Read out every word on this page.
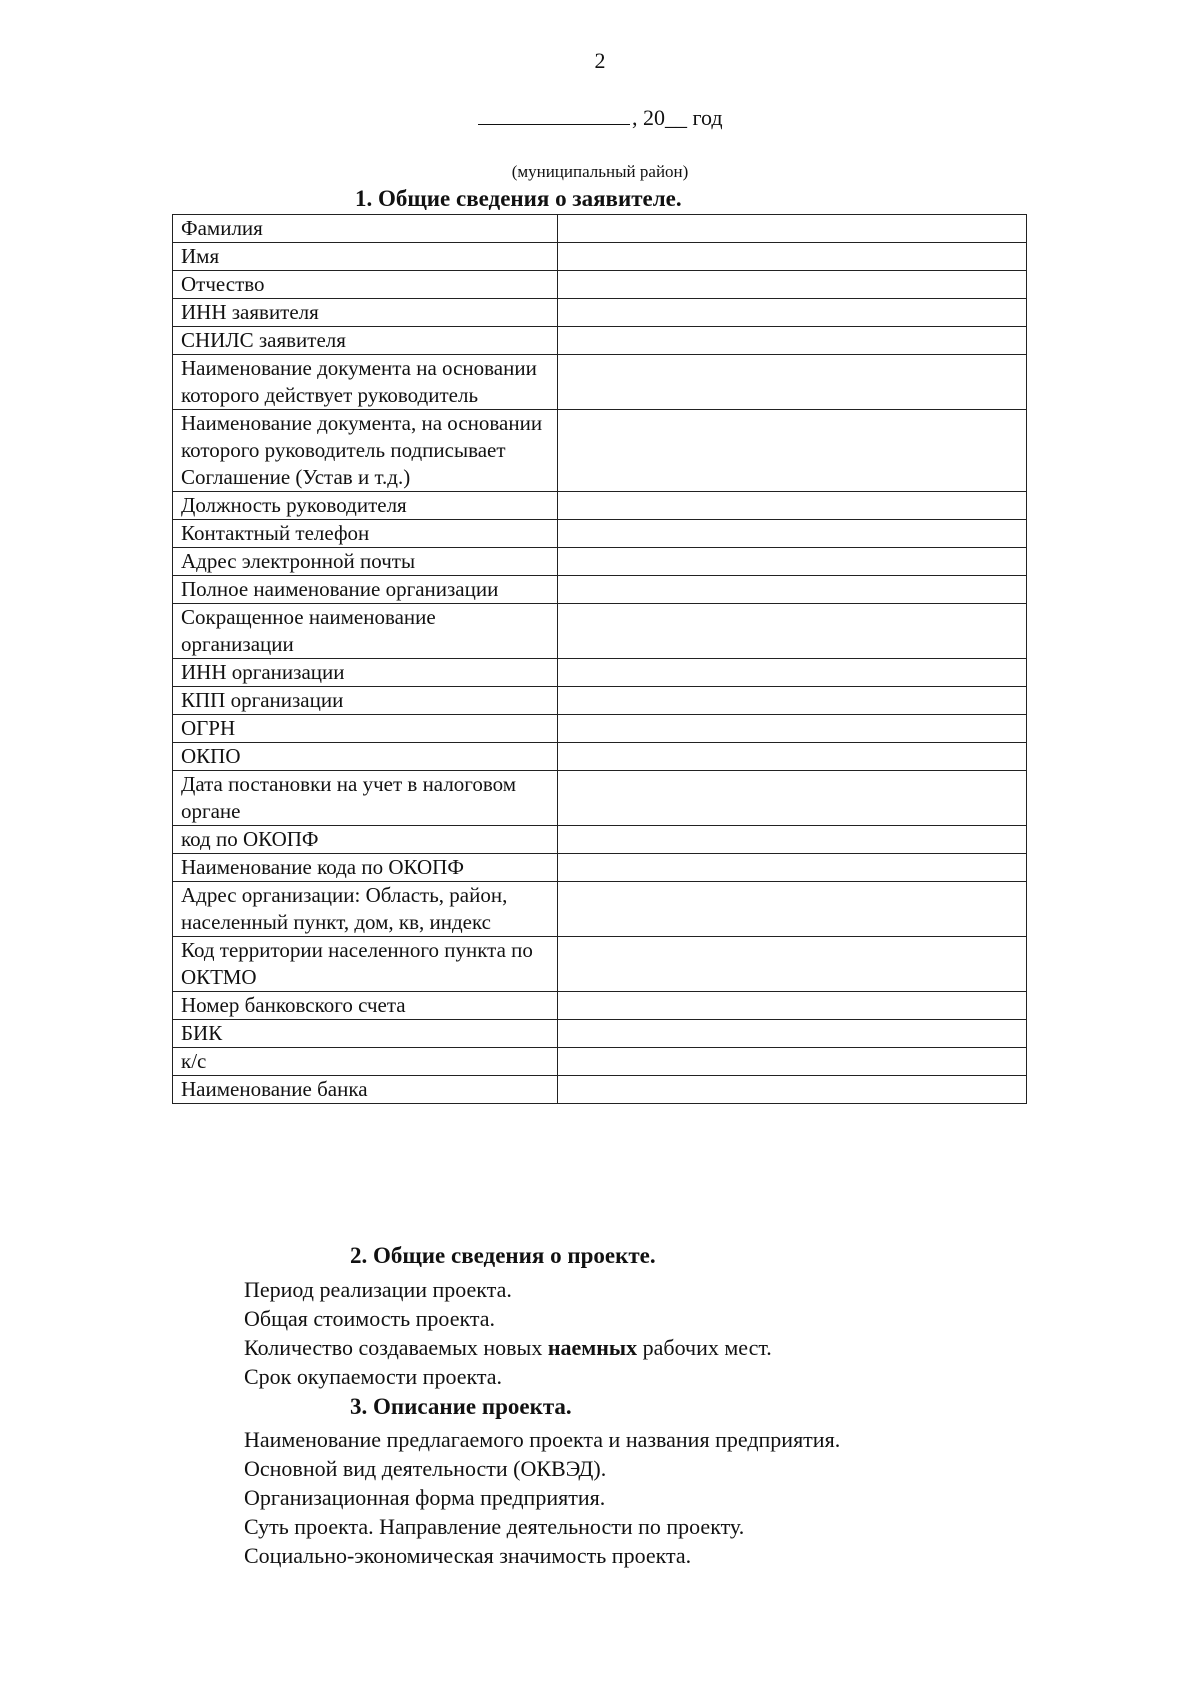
2
, 20__ год
(муниципальный район)
1. Общие сведения о заявителе.
Фамилия	
Имя	
Отчество	
ИНН заявителя	
СНИЛС заявителя	
Наименование документа на основании которого действует руководитель	
Наименование документа, на основании которого руководитель подписывает Соглашение (Устав и т.д.)	
Должность руководителя	
Контактный телефон	
Адрес электронной почты	
Полное наименование организации	
Сокращенное наименование организации	
ИНН организации	
КПП организации	
ОГРН	
ОКПО	
Дата постановки на учет в налоговом органе	
код по ОКОПФ	
Наименование кода по ОКОПФ	
Адрес организации: Область, район, населенный пункт, дом, кв, индекс	
Код территории населенного пункта по ОКТМО	
Номер банковского счета	
БИК	
к/с	
Наименование банка	
2. Общие сведения о проекте.
Период реализации проекта.
Общая стоимость проекта.
Количество создаваемых новых наемных рабочих мест.
Срок окупаемости проекта.
3. Описание проекта.
Наименование предлагаемого проекта и названия предприятия.
Основной вид деятельности (ОКВЭД).
Организационная форма предприятия.
Суть проекта. Направление деятельности по проекту.
Социально-экономическая значимость проекта.
